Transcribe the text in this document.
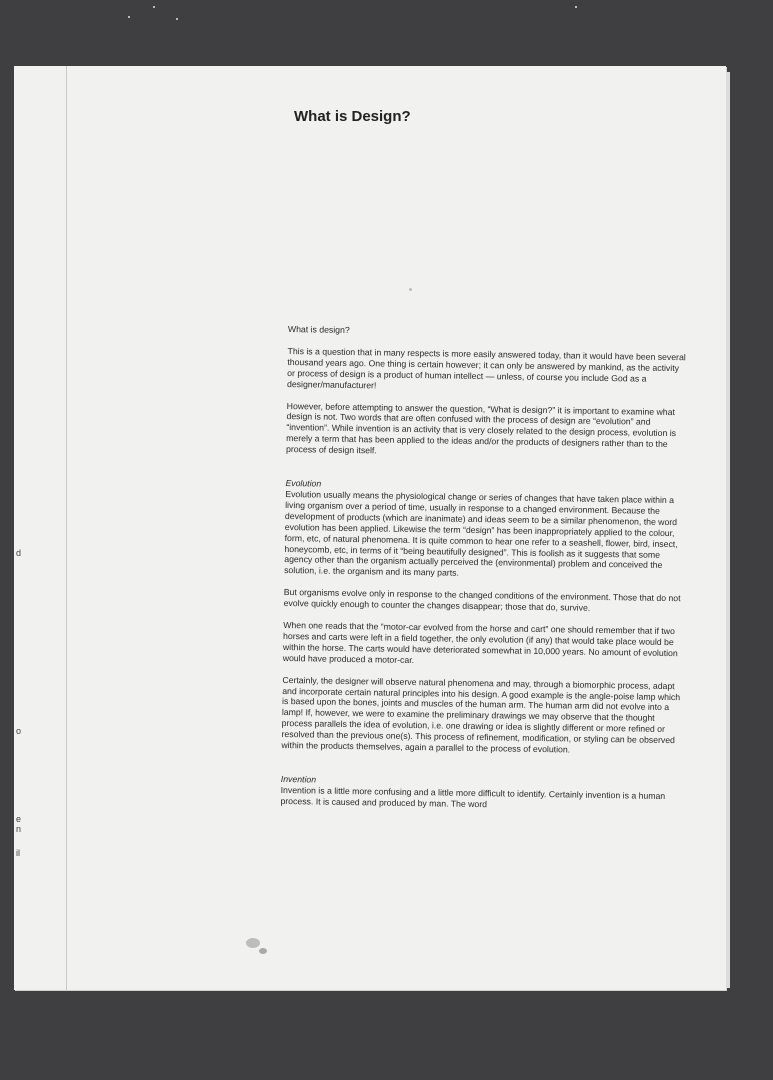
d
o
e
n
il
What is Design?

What is design?

This is a question that in many respects is more easily answered today, than it would have been several thousand years ago. One thing is certain however; it can only be answered by mankind, as the activity or process of design is a product of human intellect — unless, of course you include God as a designer/manufacturer!

However, before attempting to answer the question, “What is design?” it is important to examine what design is not. Two words that are often confused with the process of design are “evolution” and “invention”. While invention is an activity that is very closely related to the design process, evolution is merely a term that has been applied to the ideas and/or the products of designers rather than to the process of design itself.

Evolution

Evolution usually means the physiological change or series of changes that have taken place within a living organism over a period of time, usually in response to a changed environment. Because the development of products (which are inanimate) and ideas seem to be a similar phenomenon, the word evolution has been applied. Likewise the term “design” has been inappropriately applied to the colour, form, etc, of natural phenomena. It is quite common to hear one refer to a seashell, flower, bird, insect, honeycomb, etc, in terms of it “being beautifully designed”. This is foolish as it suggests that some agency other than the organism actually perceived the (environmental) problem and conceived the solution, i.e. the organism and its many parts.

But organisms evolve only in response to the changed conditions of the environment. Those that do not evolve quickly enough to counter the changes disappear; those that do, survive.

When one reads that the “motor-car evolved from the horse and cart” one should remember that if two horses and carts were left in a field together, the only evolution (if any) that would take place would be within the horse. The carts would have deteriorated somewhat in 10,000 years. No amount of evolution would have produced a motor-car.

Certainly, the designer will observe natural phenomena and may, through a biomorphic process, adapt and incorporate certain natural principles into his design. A good example is the angle-poise lamp which is based upon the bones, joints and muscles of the human arm. The human arm did not evolve into a lamp! If, however, we were to examine the preliminary drawings we may observe that the thought process parallels the idea of evolution, i.e. one drawing or idea is slightly different or more refined or resolved than the previous one(s). This process of refinement, modification, or styling can be observed within the products themselves, again a parallel to the process of evolution.

Invention

Invention is a little more confusing and a little more difficult to identify. Certainly invention is a human process. It is caused and produced by man. The word
